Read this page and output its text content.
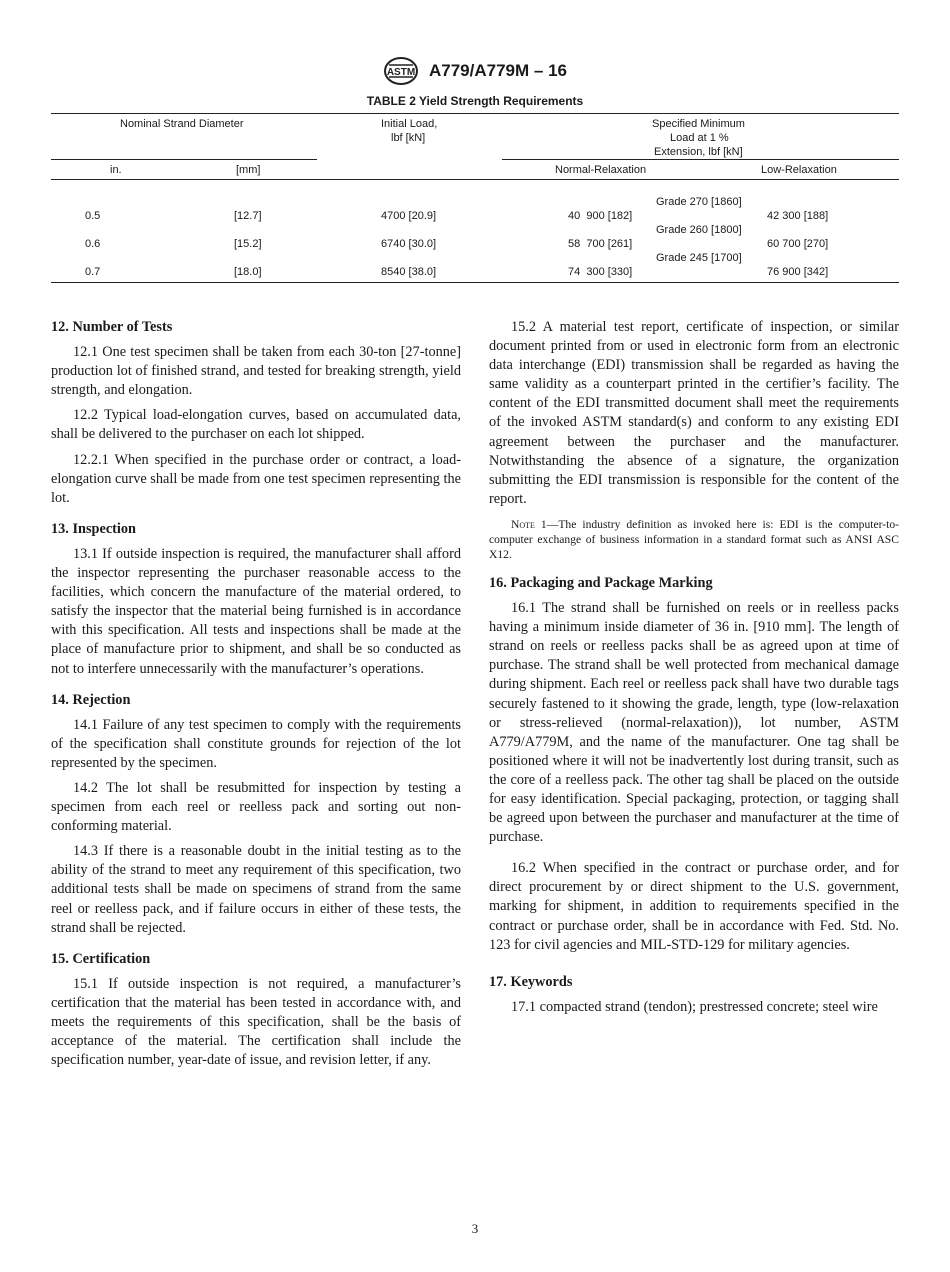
ASTM A779/A779M – 16
TABLE 2 Yield Strength Requirements
Nominal Strand Diameter	Initial Load,
lbf [kN]
Specified Minimum
Load at 1 %
Extension, lbf [kN]
in.	[mm]	Normal-Relaxation	Low-Relaxation
Grade 270 [1860]
0.5	[12.7]	4700 [20.9]	40  900 [182]	42 300 [188]
Grade 260 [1800]
0.6	[15.2]	6740 [30.0]	58  700 [261]	60 700 [270]
Grade 245 [1700]
0.7	[18.0]	8540 [38.0]	74  300 [330]	76 900 [342]
12. Number of Tests

12.1 One test specimen shall be taken from each 30-ton [27-tonne] production lot of finished strand, and tested for breaking strength, yield strength, and elongation.

12.2 Typical load-elongation curves, based on accumulated data, shall be delivered to the purchaser on each lot shipped.

12.2.1 When specified in the purchase order or contract, a load-elongation curve shall be made from one test specimen representing the lot.

13. Inspection

13.1 If outside inspection is required, the manufacturer shall afford the inspector representing the purchaser reasonable access to the facilities, which concern the manufacture of the material ordered, to satisfy the inspector that the material being furnished is in accordance with this specification. All tests and inspections shall be made at the place of manufacture prior to shipment, and shall be so conducted as not to interfere unnecessarily with the manufacturer’s operations.

14. Rejection

14.1 Failure of any test specimen to comply with the requirements of the specification shall constitute grounds for rejection of the lot represented by the specimen.

14.2 The lot shall be resubmitted for inspection by testing a specimen from each reel or reelless pack and sorting out non-conforming material.

14.3 If there is a reasonable doubt in the initial testing as to the ability of the strand to meet any requirement of this specification, two additional tests shall be made on specimens of strand from the same reel or reelless pack, and if failure occurs in either of these tests, the strand shall be rejected.

15. Certification

15.1 If outside inspection is not required, a manufacturer’s certification that the material has been tested in accordance with, and meets the requirements of this specification, shall be the basis of acceptance of the material. The certification shall include the specification number, year-date of issue, and revision letter, if any.

15.2 A material test report, certificate of inspection, or similar document printed from or used in electronic form from an electronic data interchange (EDI) transmission shall be regarded as having the same validity as a counterpart printed in the certifier’s facility. The content of the EDI transmitted document shall meet the requirements of the invoked ASTM standard(s) and conform to any existing EDI agreement between the purchaser and the manufacturer. Notwithstanding the absence of a signature, the organization submitting the EDI transmission is responsible for the content of the report.

Note 1—The industry definition as invoked here is: EDI is the computer-to-computer exchange of business information in a standard format such as ANSI ASC X12.

16. Packaging and Package Marking

16.1 The strand shall be furnished on reels or in reelless packs having a minimum inside diameter of 36 in. [910 mm]. The length of strand on reels or reelless packs shall be as agreed upon at time of purchase. The strand shall be well protected from mechanical damage during shipment. Each reel or reelless pack shall have two durable tags securely fastened to it showing the grade, length, type (low-relaxation or stress-relieved (normal-relaxation)), lot number, ASTM A779/A779M, and the name of the manufacturer. One tag shall be positioned where it will not be inadvertently lost during transit, such as the core of a reelless pack. The other tag shall be placed on the outside for easy identification. Special packaging, protection, or tagging shall be agreed upon between the purchaser and manufacturer at the time of purchase.

16.2 When specified in the contract or purchase order, and for direct procurement by or direct shipment to the U.S. government, marking for shipment, in addition to requirements specified in the contract or purchase order, shall be in accordance with Fed. Std. No. 123 for civil agencies and MIL-STD-129 for military agencies.

17. Keywords

17.1 compacted strand (tendon); prestressed concrete; steel wire

3
